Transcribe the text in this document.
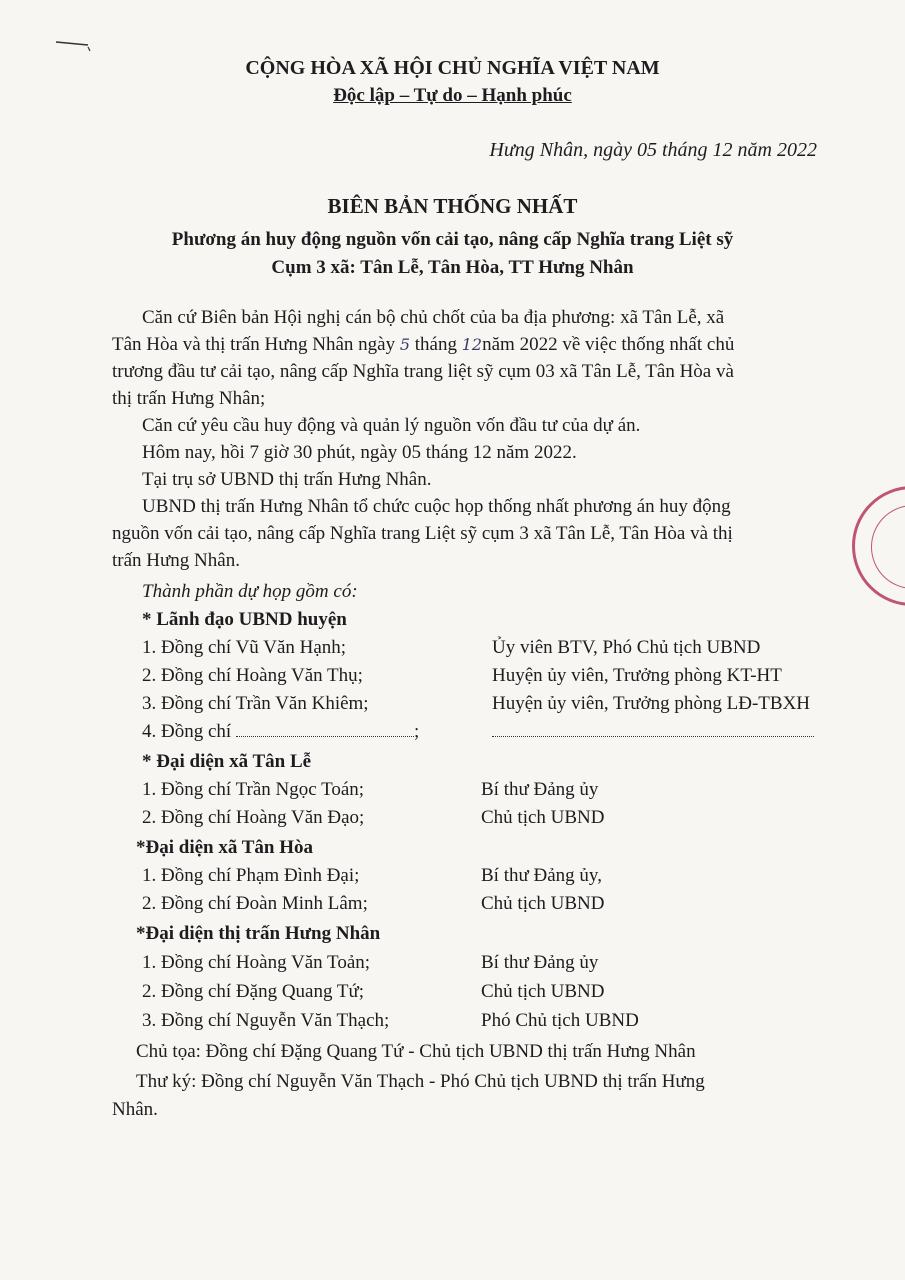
CỘNG HÒA XÃ HỘI CHỦ NGHĨA VIỆT NAM
Độc lập – Tự do – Hạnh phúc
Hưng Nhân, ngày 05 tháng 12 năm 2022
BIÊN BẢN THỐNG NHẤT
Phương án huy động nguồn vốn cải tạo, nâng cấp Nghĩa trang Liệt sỹ
Cụm 3 xã: Tân Lễ, Tân Hòa, TT Hưng Nhân
Căn cứ Biên bản Hội nghị cán bộ chủ chốt của ba địa phương: xã Tân Lễ, xã
Tân Hòa và thị trấn Hưng Nhân ngày 5 tháng 12năm 2022 về việc thống nhất chủ
trương đầu tư cải tạo, nâng cấp Nghĩa trang liệt sỹ cụm 03 xã Tân Lễ, Tân Hòa và
thị trấn Hưng Nhân;
Căn cứ yêu cầu huy động và quản lý nguồn vốn đầu tư của dự án.
Hôm nay, hồi 7 giờ 30 phút, ngày 05 tháng 12 năm 2022.
Tại trụ sở UBND thị trấn Hưng Nhân.
UBND thị trấn Hưng Nhân tổ chức cuộc họp thống nhất phương án huy động
nguồn vốn cải tạo, nâng cấp Nghĩa trang Liệt sỹ cụm 3 xã Tân Lễ, Tân Hòa và thị
trấn Hưng Nhân.
Thành phần dự họp gồm có:
* Lãnh đạo UBND huyện
1. Đồng chí Vũ Văn Hạnh;	Ủy viên BTV, Phó Chủ tịch UBND
2. Đồng chí Hoàng Văn Thụ;	Huyện ủy viên, Trưởng phòng KT-HT
3. Đồng chí Trần Văn Khiêm;	Huyện ủy viên, Trưởng phòng LĐ-TBXH
4. Đồng chí	;
* Đại diện xã Tân Lễ
1. Đồng chí Trần Ngọc Toán;	Bí thư Đảng ủy
2. Đồng chí Hoàng Văn Đạo;	Chủ tịch UBND
*Đại diện xã Tân Hòa
1. Đồng chí Phạm Đình Đại;	Bí thư Đảng ủy,
2. Đồng chí Đoàn Minh Lâm;	Chủ tịch UBND
*Đại diện thị trấn Hưng Nhân
1. Đồng chí Hoàng Văn Toản;	Bí thư Đảng ủy
2. Đồng chí Đặng Quang Tứ;	Chủ tịch UBND
3. Đồng chí Nguyễn Văn Thạch;	Phó Chủ tịch UBND
Chủ tọa: Đồng chí Đặng Quang Tứ - Chủ tịch UBND thị trấn Hưng Nhân
Thư ký: Đồng chí Nguyễn Văn Thạch - Phó Chủ tịch UBND thị trấn Hưng
Nhân.
